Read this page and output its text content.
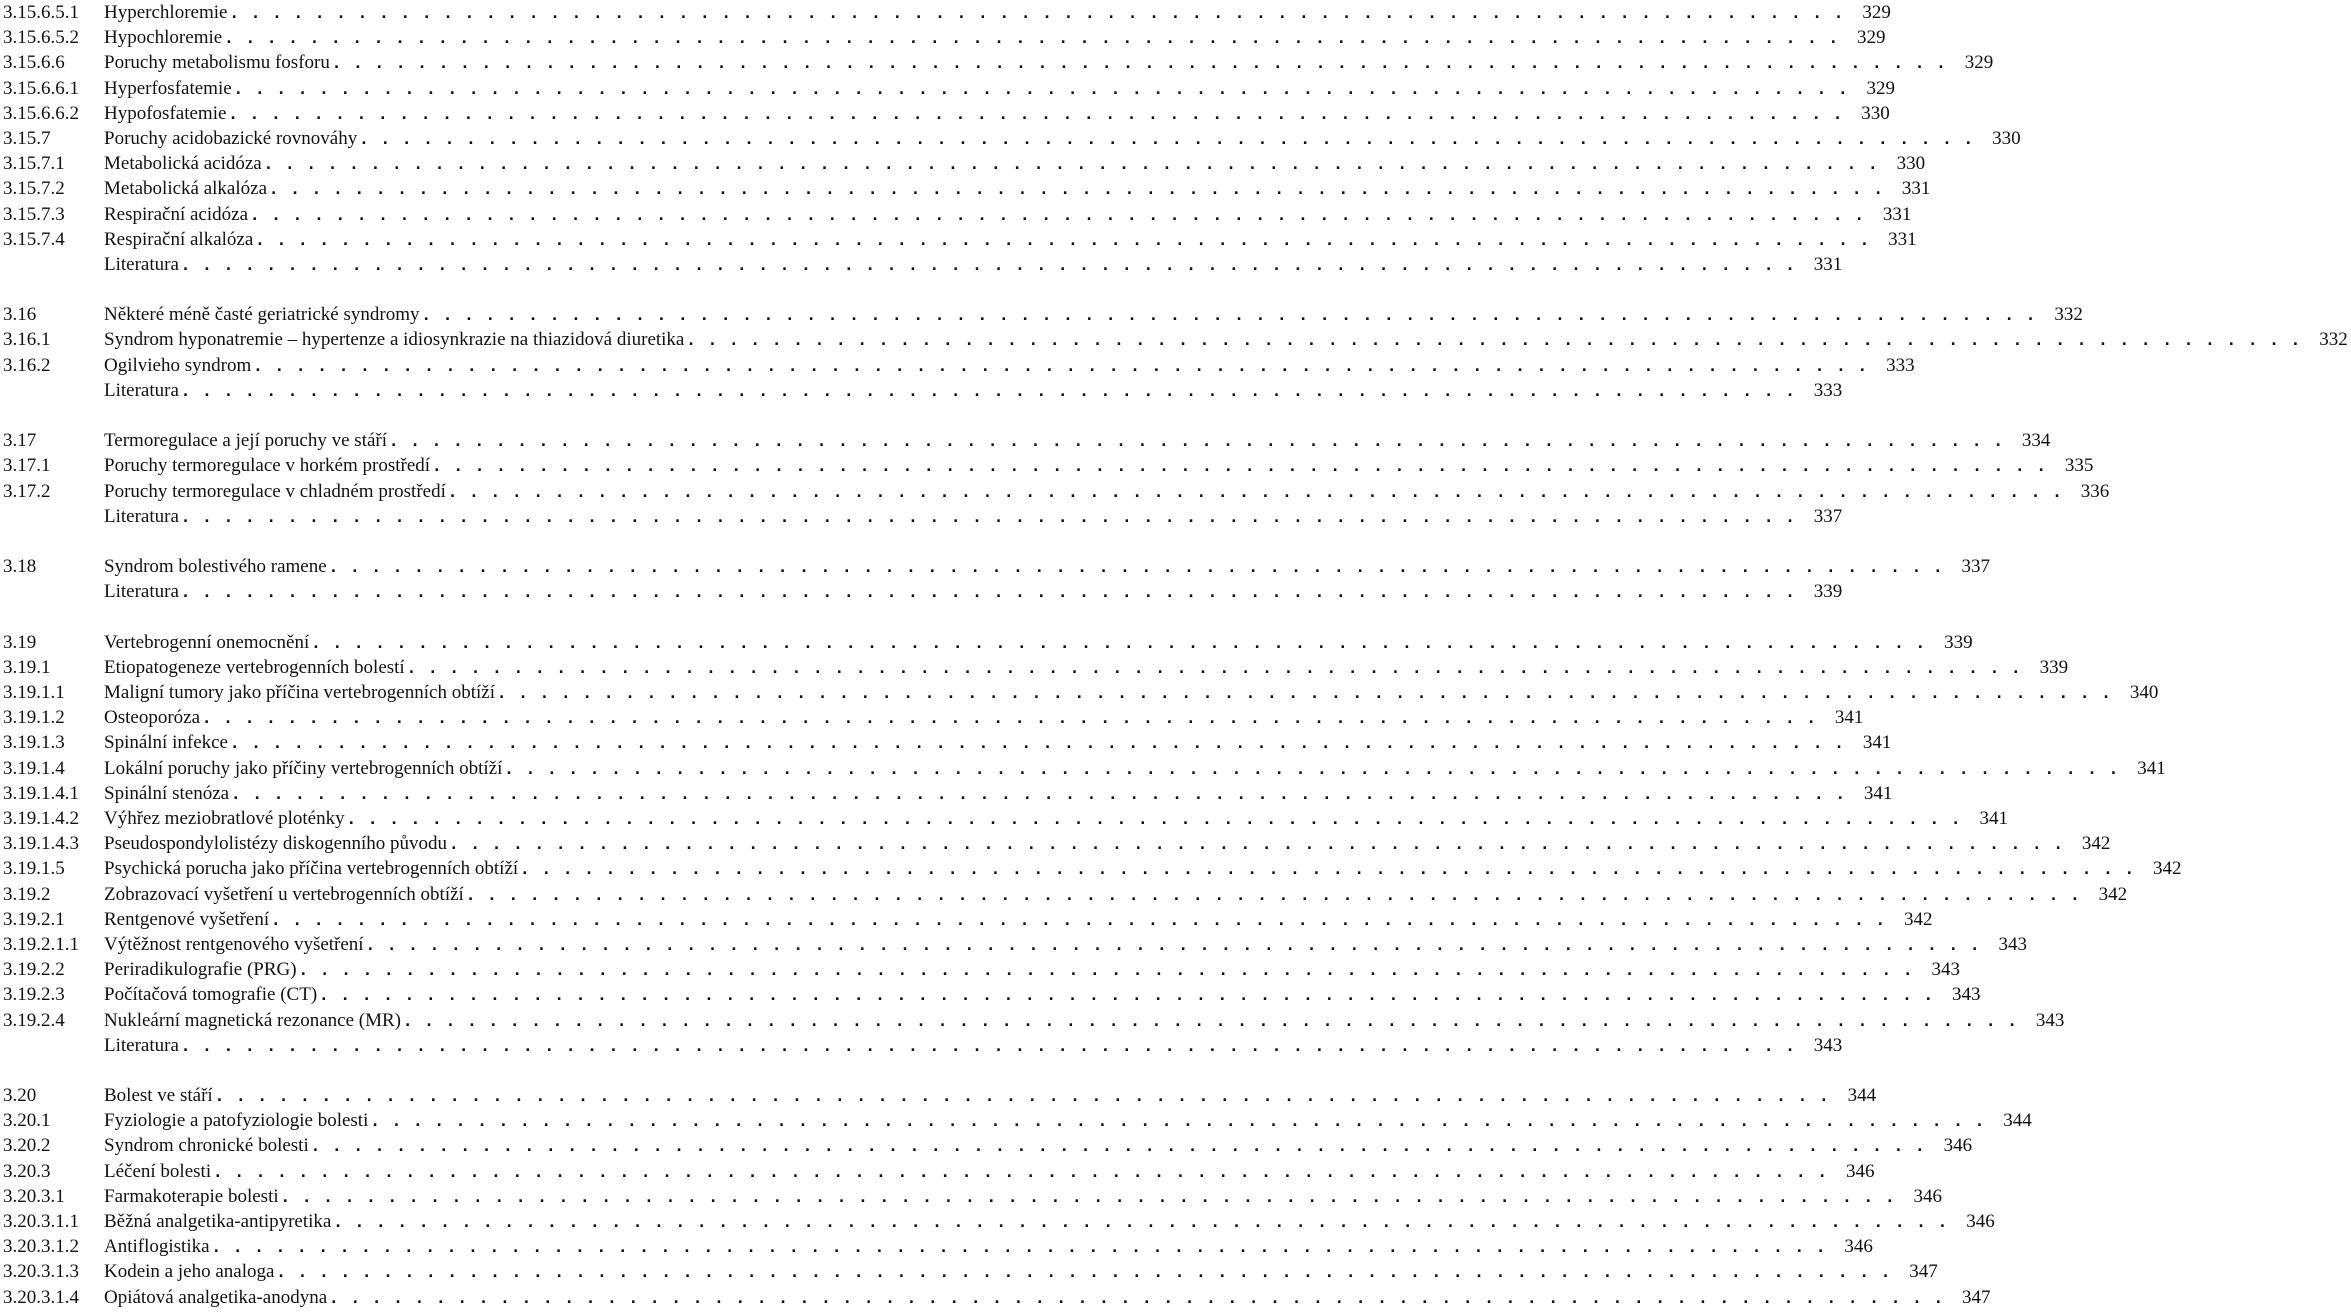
3.15.6.5.1	Hyperchloremie . . . . . . . . . . . . . . . . . . . . . . . . . . . . . . . . . . . . . . . . . . . . . . . . . . . . . . . . . . . . . . . . . . . . . . . . . . . . 329
3.15.6.5.2	Hypochloremie . . . . . . . . . . . . . . . . . . . . . . . . . . . . . . . . . . . . . . . . . . . . . . . . . . . . . . . . . . . . . . . . . . . . . . . . . . . . 329
3.15.6.6	Poruchy metabolismu fosforu . . . . . . . . . . . . . . . . . . . . . . . . . . . . . . . . . . . . . . . . . . . . . . . . . . . . . . . . . . . . . . . . . . . . . . . . . . . . 329
3.15.6.6.1	Hyperfosfatemie . . . . . . . . . . . . . . . . . . . . . . . . . . . . . . . . . . . . . . . . . . . . . . . . . . . . . . . . . . . . . . . . . . . . . . . . . . . . 329
3.15.6.6.2	Hypofosfatemie . . . . . . . . . . . . . . . . . . . . . . . . . . . . . . . . . . . . . . . . . . . . . . . . . . . . . . . . . . . . . . . . . . . . . . . . . . . . 330
3.15.7	Poruchy acidobazické rovnováhy . . . . . . . . . . . . . . . . . . . . . . . . . . . . . . . . . . . . . . . . . . . . . . . . . . . . . . . . . . . . . . . . . . . . . . . . . . . . 330
3.15.7.1	Metabolická acidóza . . . . . . . . . . . . . . . . . . . . . . . . . . . . . . . . . . . . . . . . . . . . . . . . . . . . . . . . . . . . . . . . . . . . . . . . . . . . 330
3.15.7.2	Metabolická alkalóza . . . . . . . . . . . . . . . . . . . . . . . . . . . . . . . . . . . . . . . . . . . . . . . . . . . . . . . . . . . . . . . . . . . . . . . . . . . . 331
3.15.7.3	Respirační acidóza . . . . . . . . . . . . . . . . . . . . . . . . . . . . . . . . . . . . . . . . . . . . . . . . . . . . . . . . . . . . . . . . . . . . . . . . . . . . 331
3.15.7.4	Respirační alkalóza . . . . . . . . . . . . . . . . . . . . . . . . . . . . . . . . . . . . . . . . . . . . . . . . . . . . . . . . . . . . . . . . . . . . . . . . . . . . 331
Literatura . . . . . . . . . . . . . . . . . . . . . . . . . . . . . . . . . . . . . . . . . . . . . . . . . . . . . . . . . . . . . . . . . . . . . . . . . . . . 331
3.16	Některé méně časté geriatrické syndromy . . . . . . . . . . . . . . . . . . . . . . . . . . . . . . . . . . . . . . . . . . . . . . . . . . . . . . . . . . . . . . . . . . . . . . . . . . . . 332
3.16.1	Syndrom hyponatremie – hypertenze a idiosynkrazie na thiazidová diuretika . . . . . . . . . . . . . . . . . . . . . . . . . . . . . . . . . . . . . . . . . . . . . . . . . . . . . . . . . . . . . . . . . . . . . . . . . . . . 332
3.16.2	Ogilvieho syndrom . . . . . . . . . . . . . . . . . . . . . . . . . . . . . . . . . . . . . . . . . . . . . . . . . . . . . . . . . . . . . . . . . . . . . . . . . . . . 333
Literatura . . . . . . . . . . . . . . . . . . . . . . . . . . . . . . . . . . . . . . . . . . . . . . . . . . . . . . . . . . . . . . . . . . . . . . . . . . . . 333
3.17	Termoregulace a její poruchy ve stáří . . . . . . . . . . . . . . . . . . . . . . . . . . . . . . . . . . . . . . . . . . . . . . . . . . . . . . . . . . . . . . . . . . . . . . . . . . . . 334
3.17.1	Poruchy termoregulace v horkém prostředí . . . . . . . . . . . . . . . . . . . . . . . . . . . . . . . . . . . . . . . . . . . . . . . . . . . . . . . . . . . . . . . . . . . . . . . . . . . . 335
3.17.2	Poruchy termoregulace v chladném prostředí . . . . . . . . . . . . . . . . . . . . . . . . . . . . . . . . . . . . . . . . . . . . . . . . . . . . . . . . . . . . . . . . . . . . . . . . . . . . 336
Literatura . . . . . . . . . . . . . . . . . . . . . . . . . . . . . . . . . . . . . . . . . . . . . . . . . . . . . . . . . . . . . . . . . . . . . . . . . . . . 337
3.18	Syndrom bolestivého ramene . . . . . . . . . . . . . . . . . . . . . . . . . . . . . . . . . . . . . . . . . . . . . . . . . . . . . . . . . . . . . . . . . . . . . . . . . . . . 337
Literatura . . . . . . . . . . . . . . . . . . . . . . . . . . . . . . . . . . . . . . . . . . . . . . . . . . . . . . . . . . . . . . . . . . . . . . . . . . . . 339
3.19	Vertebrogenní onemocnění . . . . . . . . . . . . . . . . . . . . . . . . . . . . . . . . . . . . . . . . . . . . . . . . . . . . . . . . . . . . . . . . . . . . . . . . . . . . 339
3.19.1	Etiopatogeneze vertebrogenních bolestí . . . . . . . . . . . . . . . . . . . . . . . . . . . . . . . . . . . . . . . . . . . . . . . . . . . . . . . . . . . . . . . . . . . . . . . . . . . . 339
3.19.1.1	Maligní tumory jako příčina vertebrogenních obtíží . . . . . . . . . . . . . . . . . . . . . . . . . . . . . . . . . . . . . . . . . . . . . . . . . . . . . . . . . . . . . . . . . . . . . . . . . . . . 340
3.19.1.2	Osteoporóza . . . . . . . . . . . . . . . . . . . . . . . . . . . . . . . . . . . . . . . . . . . . . . . . . . . . . . . . . . . . . . . . . . . . . . . . . . . . 341
3.19.1.3	Spinální infekce . . . . . . . . . . . . . . . . . . . . . . . . . . . . . . . . . . . . . . . . . . . . . . . . . . . . . . . . . . . . . . . . . . . . . . . . . . . . 341
3.19.1.4	Lokální poruchy jako příčiny vertebrogenních obtíží . . . . . . . . . . . . . . . . . . . . . . . . . . . . . . . . . . . . . . . . . . . . . . . . . . . . . . . . . . . . . . . . . . . . . . . . . . . . 341
3.19.1.4.1	Spinální stenóza . . . . . . . . . . . . . . . . . . . . . . . . . . . . . . . . . . . . . . . . . . . . . . . . . . . . . . . . . . . . . . . . . . . . . . . . . . . . 341
3.19.1.4.2	Výhřez meziobratlové ploténky . . . . . . . . . . . . . . . . . . . . . . . . . . . . . . . . . . . . . . . . . . . . . . . . . . . . . . . . . . . . . . . . . . . . . . . . . . . . 341
3.19.1.4.3	Pseudospondylolistézy diskogenního původu . . . . . . . . . . . . . . . . . . . . . . . . . . . . . . . . . . . . . . . . . . . . . . . . . . . . . . . . . . . . . . . . . . . . . . . . . . . . 342
3.19.1.5	Psychická porucha jako příčina vertebrogenních obtíží . . . . . . . . . . . . . . . . . . . . . . . . . . . . . . . . . . . . . . . . . . . . . . . . . . . . . . . . . . . . . . . . . . . . . . . . . . . . 342
3.19.2	Zobrazovací vyšetření u vertebrogenních obtíží . . . . . . . . . . . . . . . . . . . . . . . . . . . . . . . . . . . . . . . . . . . . . . . . . . . . . . . . . . . . . . . . . . . . . . . . . . . . 342
3.19.2.1	Rentgenové vyšetření . . . . . . . . . . . . . . . . . . . . . . . . . . . . . . . . . . . . . . . . . . . . . . . . . . . . . . . . . . . . . . . . . . . . . . . . . . . . 342
3.19.2.1.1	Výtěžnost rentgenového vyšetření . . . . . . . . . . . . . . . . . . . . . . . . . . . . . . . . . . . . . . . . . . . . . . . . . . . . . . . . . . . . . . . . . . . . . . . . . . . . 343
3.19.2.2	Periradikulografie (PRG) . . . . . . . . . . . . . . . . . . . . . . . . . . . . . . . . . . . . . . . . . . . . . . . . . . . . . . . . . . . . . . . . . . . . . . . . . . . . 343
3.19.2.3	Počítačová tomografie (CT) . . . . . . . . . . . . . . . . . . . . . . . . . . . . . . . . . . . . . . . . . . . . . . . . . . . . . . . . . . . . . . . . . . . . . . . . . . . . 343
3.19.2.4	Nukleární magnetická rezonance (MR) . . . . . . . . . . . . . . . . . . . . . . . . . . . . . . . . . . . . . . . . . . . . . . . . . . . . . . . . . . . . . . . . . . . . . . . . . . . . 343
Literatura . . . . . . . . . . . . . . . . . . . . . . . . . . . . . . . . . . . . . . . . . . . . . . . . . . . . . . . . . . . . . . . . . . . . . . . . . . . . 343
3.20	Bolest ve stáří . . . . . . . . . . . . . . . . . . . . . . . . . . . . . . . . . . . . . . . . . . . . . . . . . . . . . . . . . . . . . . . . . . . . . . . . . . . . 344
3.20.1	Fyziologie a patofyziologie bolesti . . . . . . . . . . . . . . . . . . . . . . . . . . . . . . . . . . . . . . . . . . . . . . . . . . . . . . . . . . . . . . . . . . . . . . . . . . . . 344
3.20.2	Syndrom chronické bolesti . . . . . . . . . . . . . . . . . . . . . . . . . . . . . . . . . . . . . . . . . . . . . . . . . . . . . . . . . . . . . . . . . . . . . . . . . . . . 346
3.20.3	Léčení bolesti . . . . . . . . . . . . . . . . . . . . . . . . . . . . . . . . . . . . . . . . . . . . . . . . . . . . . . . . . . . . . . . . . . . . . . . . . . . . 346
3.20.3.1	Farmakoterapie bolesti . . . . . . . . . . . . . . . . . . . . . . . . . . . . . . . . . . . . . . . . . . . . . . . . . . . . . . . . . . . . . . . . . . . . . . . . . . . . 346
3.20.3.1.1	Běžná analgetika-antipyretika . . . . . . . . . . . . . . . . . . . . . . . . . . . . . . . . . . . . . . . . . . . . . . . . . . . . . . . . . . . . . . . . . . . . . . . . . . . . 346
3.20.3.1.2	Antiflogistika . . . . . . . . . . . . . . . . . . . . . . . . . . . . . . . . . . . . . . . . . . . . . . . . . . . . . . . . . . . . . . . . . . . . . . . . . . . . 346
3.20.3.1.3	Kodein a jeho analoga . . . . . . . . . . . . . . . . . . . . . . . . . . . . . . . . . . . . . . . . . . . . . . . . . . . . . . . . . . . . . . . . . . . . . . . . . . . . 347
3.20.3.1.4	Opiátová analgetika-anodyna . . . . . . . . . . . . . . . . . . . . . . . . . . . . . . . . . . . . . . . . . . . . . . . . . . . . . . . . . . . . . . . . . . . . . . . . . . . . 347
